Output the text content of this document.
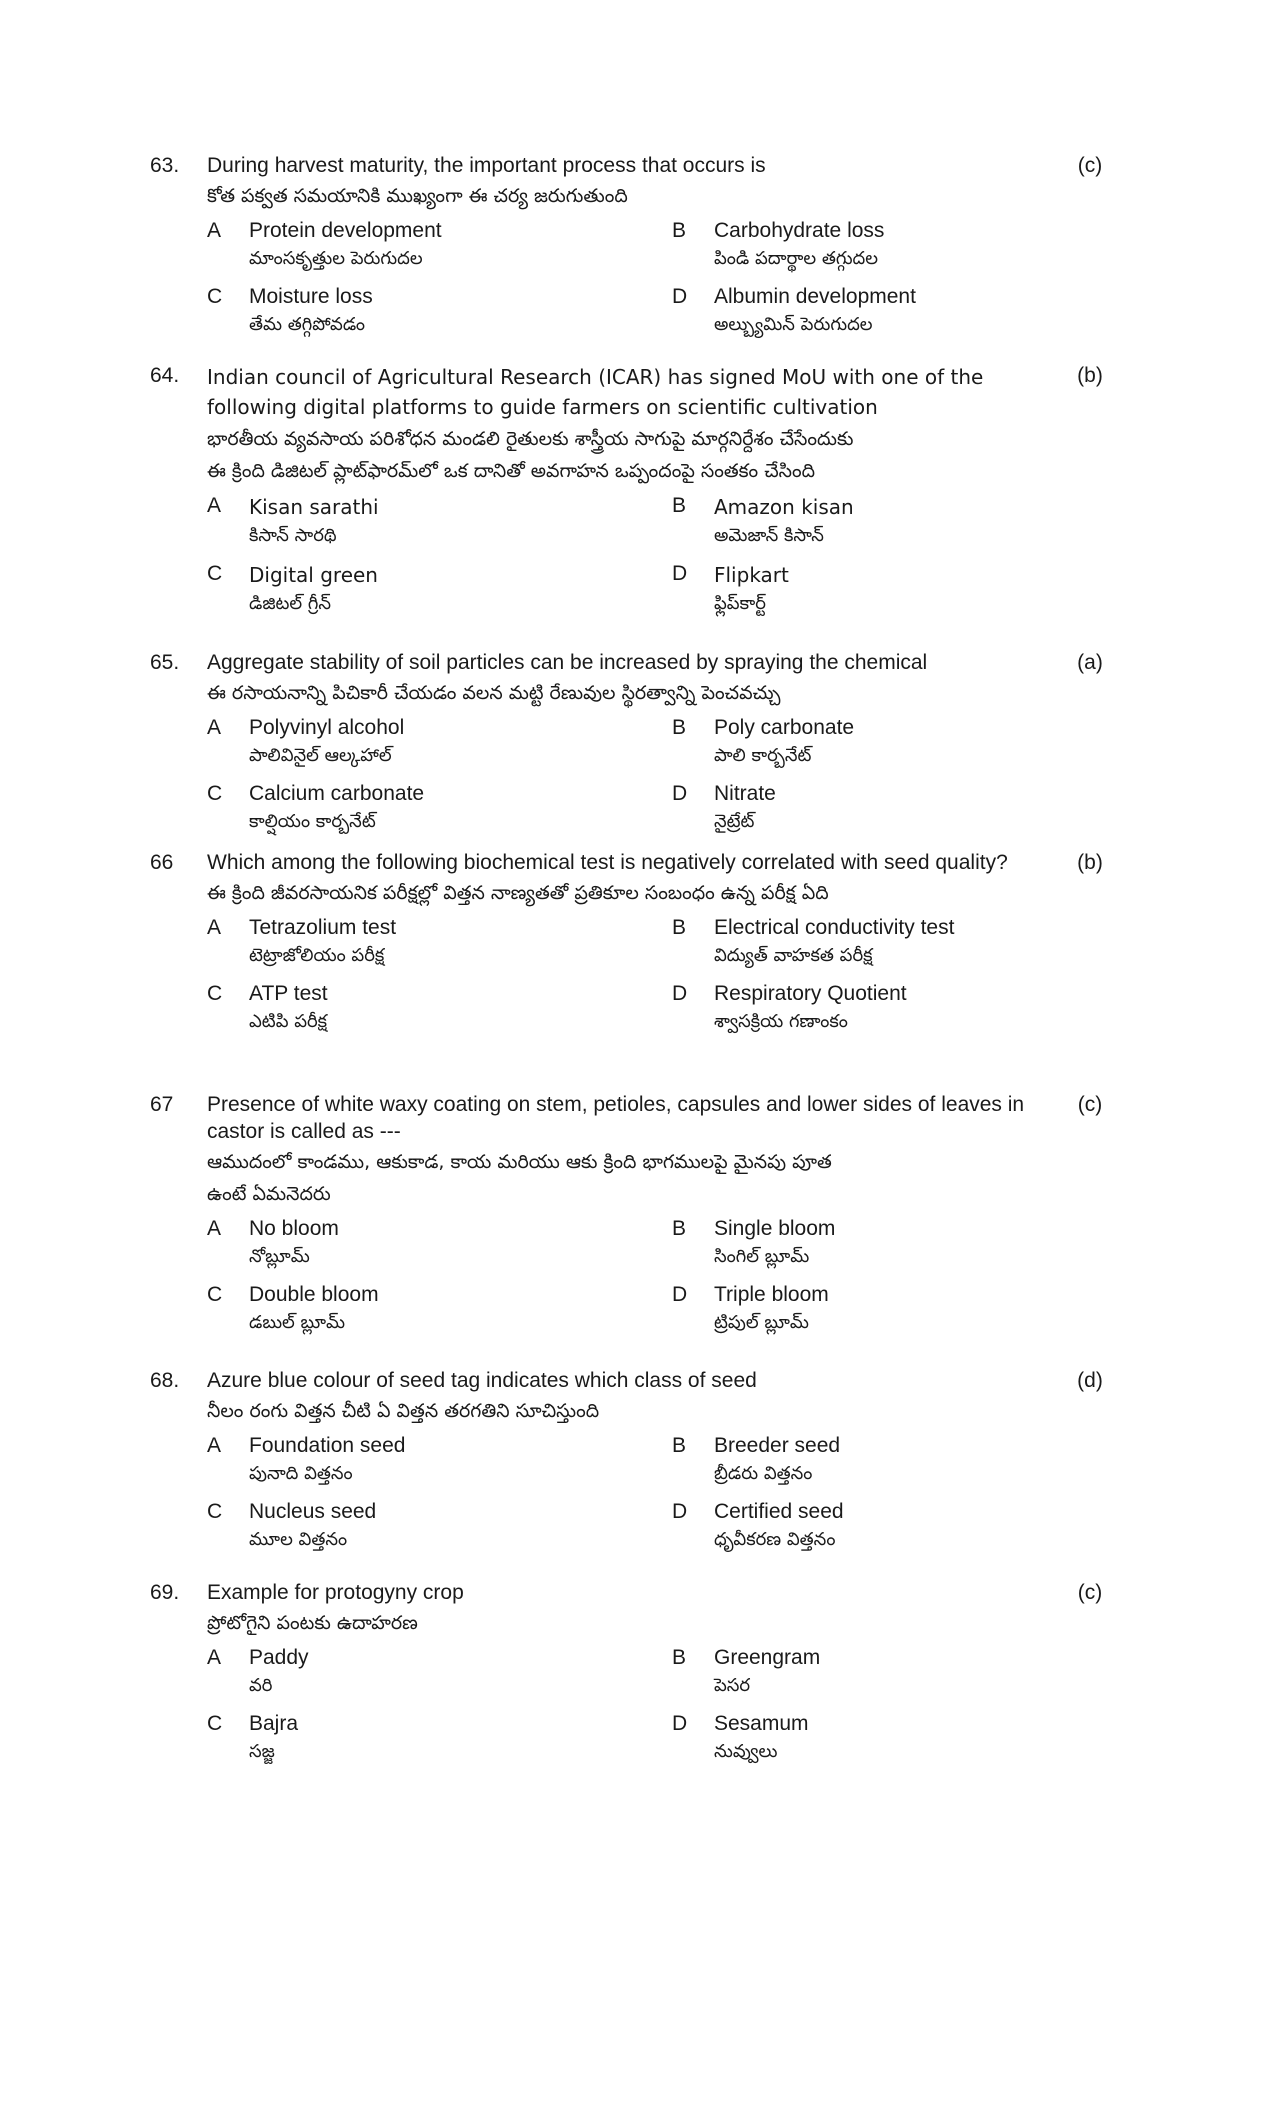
63.	(c)
During harvest maturity, the important process that occurs is
కోత పక్వత సమయానికి ముఖ్యంగా ఈ చర్య జరుగుతుంది
A	Protein development
మాంసకృత్తుల పెరుగుదల
B	Carbohydrate loss
పిండి పదార్థాల తగ్గుదల
C	Moisture loss
తేమ తగ్గిపోవడం
D	Albumin development
అల్బ్యుమిన్ పెరుగుదల
64.	(b)
Indian council of Agricultural Research (ICAR) has signed MoU with one of the following digital platforms to guide farmers on scientific cultivation
భారతీయ వ్యవసాయ పరిశోధన మండలి రైతులకు శాస్త్రీయ సాగుపై మార్గనిర్దేశం చేసేందుకు
ఈ క్రింది డిజిటల్ ప్లాట్‌ఫారమ్‌లో ఒక దానితో అవగాహన ఒప్పందంపై సంతకం చేసింది
A	Kisan sarathi
కిసాన్ సారథి
B	Amazon kisan
అమెజాన్ కిసాన్
C	Digital green
డిజిటల్ గ్రీన్
D	Flipkart
ఫ్లిప్‌కార్ట్
65.	(a)
Aggregate stability of soil particles can be increased by spraying the chemical
ఈ రసాయనాన్ని పిచికారీ చేయడం వలన మట్టి రేణువుల స్థిరత్వాన్ని పెంచవచ్చు
A	Polyvinyl alcohol
పాలివినైల్ ఆల్కహాల్
B	Poly carbonate
పాలి కార్బనేట్
C	Calcium carbonate
కాల్షియం కార్బనేట్
D	Nitrate
నైట్రేట్
66	(b)
Which among the following biochemical test is negatively correlated with seed quality?
ఈ క్రింది జీవరసాయనిక పరీక్షల్లో విత్తన నాణ్యతతో ప్రతికూల సంబంధం ఉన్న పరీక్ష ఏది
A	Tetrazolium test
టెట్రాజోలియం పరీక్ష
B	Electrical conductivity test
విద్యుత్ వాహకత పరీక్ష
C	ATP test
ఎటిపి పరీక్ష
D	Respiratory Quotient
శ్వాసక్రియ గణాంకం
67	(c)
Presence of white waxy coating on stem, petioles, capsules and lower sides of leaves in castor is called as ---
ఆముదంలో కాండము, ఆకుకాడ, కాయ మరియు ఆకు క్రింది భాగములపై మైనపు పూత
ఉంటే ఏమనెదరు
A	No bloom
నోబ్లూమ్
B	Single bloom
సింగిల్ బ్లూమ్
C	Double bloom
డబుల్ బ్లూమ్
D	Triple bloom
ట్రిపుల్ బ్లూమ్
68.	(d)
Azure blue colour of seed tag indicates which class of seed
నీలం రంగు విత్తన చీటి ఏ విత్తన తరగతిని సూచిస్తుంది
A	Foundation seed
పునాది విత్తనం
B	Breeder seed
బ్రీడరు విత్తనం
C	Nucleus seed
మూల విత్తనం
D	Certified seed
ధృవీకరణ విత్తనం
69.	(c)
Example for protogyny crop
ప్రోటోగైని పంటకు ఉదాహరణ
A	Paddy
వరి
B	Greengram
పెసర
C	Bajra
సజ్జ
D	Sesamum
నువ్వులు
